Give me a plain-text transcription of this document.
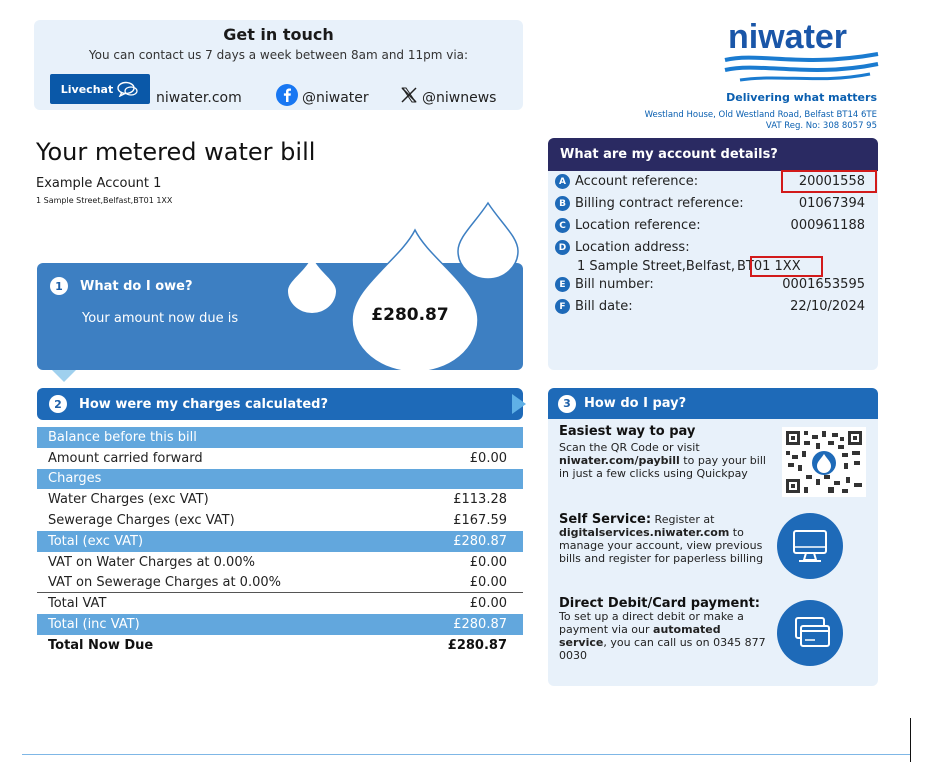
Get in touch
You can contact us 7 days a week between 8am and 11pm via:
Livechat
niwater.com	@niwater	@niwnews
niwater
Delivering what matters
Westland House, Old Westland Road, Belfast BT14 6TE
VAT Reg. No: 308 8057 95
Your metered water bill
Example Account 1
1 Sample Street,Belfast,BT01 1XX
1	What do I owe?
Your amount now due is	£280.87
2	How were my charges calculated?
Balance before this bill
Amount carried forward	£0.00
Charges
Water Charges (exc VAT)	£113.28
Sewerage Charges (exc VAT)	£167.59
Total (exc VAT)	£280.87
VAT on Water Charges at 0.00%	£0.00
VAT on Sewerage Charges at 0.00%	£0.00
Total VAT	£0.00
Total (inc VAT)	£280.87
Total Now Due	£280.87
What are my account details?
A Account reference:	20001558
B Billing contract reference:	01067394
C Location reference:	000961188
D Location address:
1 Sample Street,Belfast, BT01 1XX
E Bill number:	0001653595
F Bill date:	22/10/2024
3	How do I pay?
Easiest way to pay
Scan the QR Code or visit niwater.com/paybill to pay your bill in just a few clicks using Quickpay
Self Service: Register at digitalservices.niwater.com to manage your account, view previous bills and register for paperless billing
Direct Debit/Card payment: To set up a direct debit or make a payment via our automated service, you can call us on 0345 877 0030
